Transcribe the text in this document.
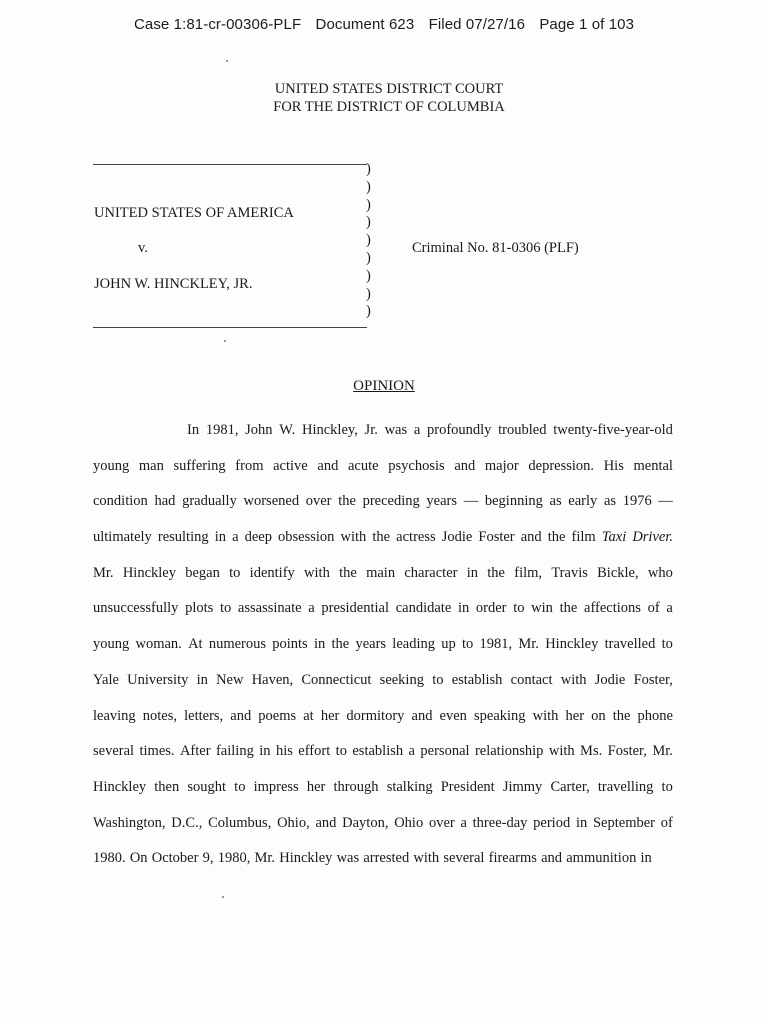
Case 1:81-cr-00306-PLF Document 623 Filed 07/27/16 Page 1 of 103
UNITED STATES DISTRICT COURT
FOR THE DISTRICT OF COLUMBIA
UNITED STATES OF AMERICA
v.
JOHN W. HINCKLEY, JR.
)
)
)
)
)
)
)
)
)
Criminal No. 81-0306 (PLF)
OPINION
In 1981, John W. Hinckley, Jr. was a profoundly troubled twenty-five-year-old
young man suffering from active and acute psychosis and major depression. His mental
condition had gradually worsened over the preceding years — beginning as early as 1976 —
ultimately resulting in a deep obsession with the actress Jodie Foster and the film Taxi Driver.
Mr. Hinckley began to identify with the main character in the film, Travis Bickle, who
unsuccessfully plots to assassinate a presidential candidate in order to win the affections of a
young woman. At numerous points in the years leading up to 1981, Mr. Hinckley travelled to
Yale University in New Haven, Connecticut seeking to establish contact with Jodie Foster,
leaving notes, letters, and poems at her dormitory and even speaking with her on the phone
several times. After failing in his effort to establish a personal relationship with Ms. Foster, Mr.
Hinckley then sought to impress her through stalking President Jimmy Carter, travelling to
Washington, D.C., Columbus, Ohio, and Dayton, Ohio over a three-day period in September of
1980. On October 9, 1980, Mr. Hinckley was arrested with several firearms and ammunition in
